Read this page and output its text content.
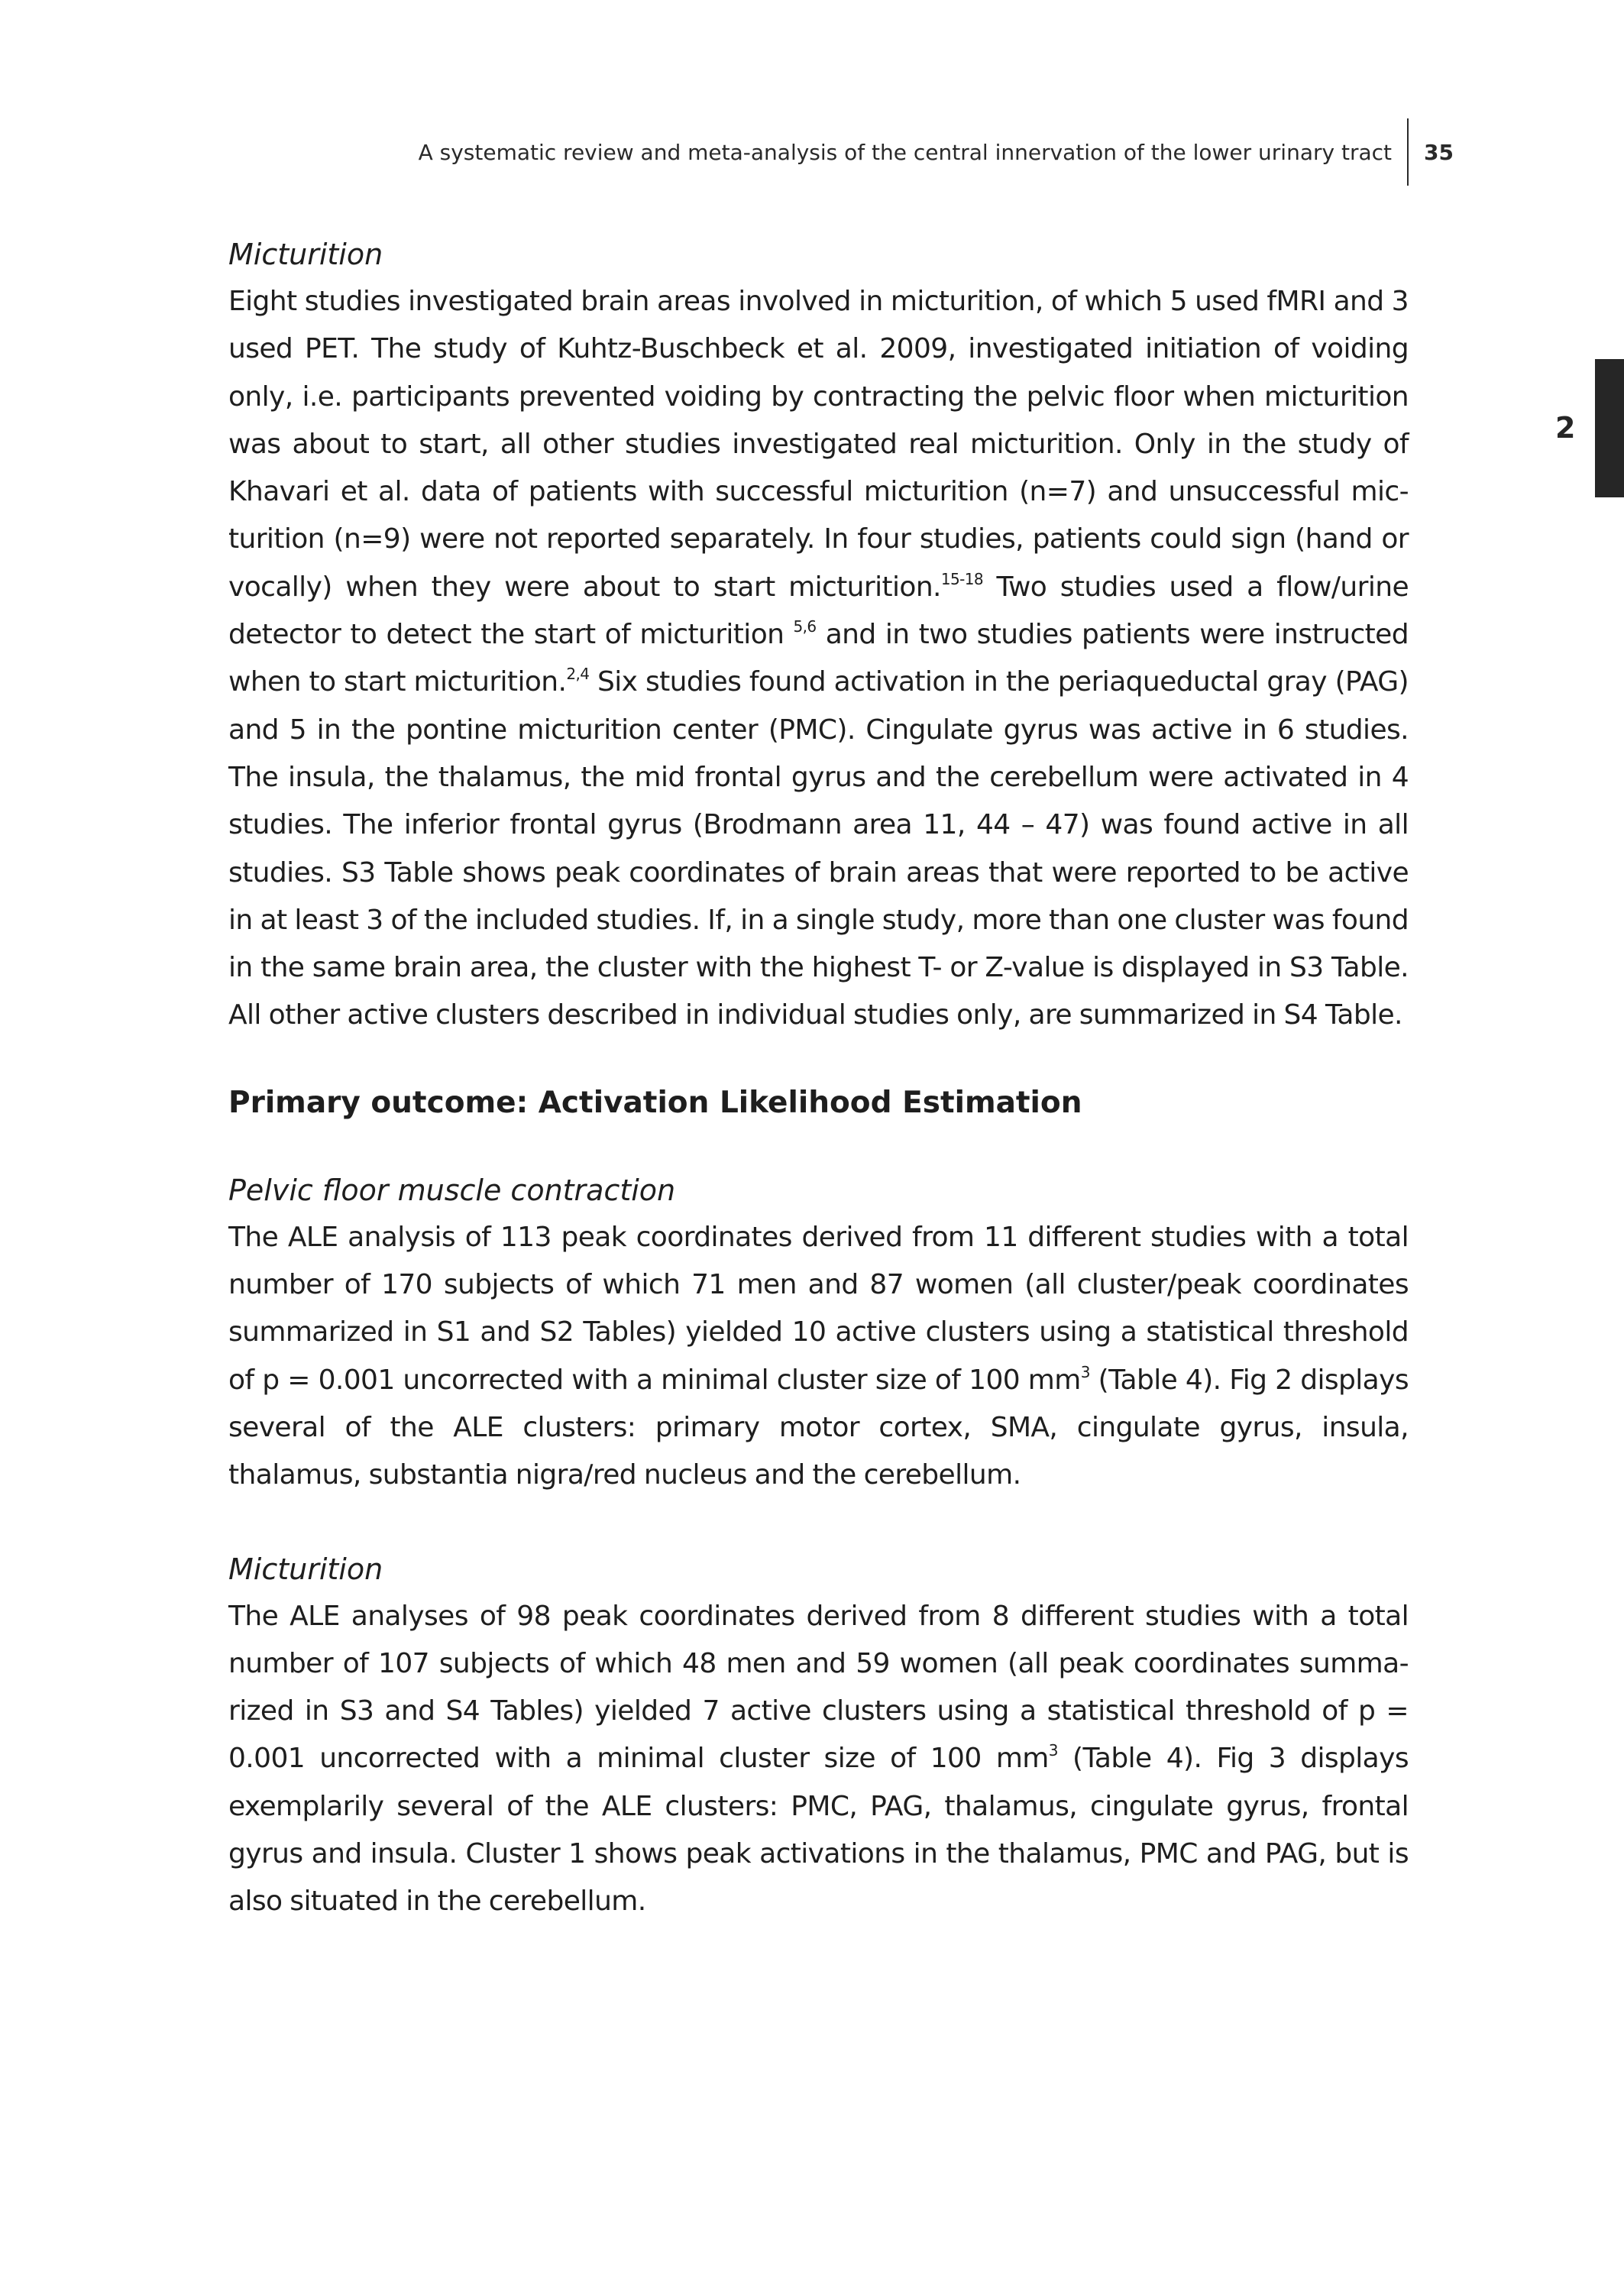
A systematic review and meta-analysis of the central innervation of the lower urinary tract 35
2
Micturition

Eight studies investigated brain areas involved in micturition, of which 5 used fMRI and 3 used PET. The study of Kuhtz-Buschbeck et al. 2009, investigated initiation of voiding only, i.e. participants prevented voiding by contracting the pelvic floor when micturition was about to start, all other studies investigated real micturition. Only in the study of Khavari et al. data of patients with successful micturition (n=7) and unsuccessful mic-turition (n=9) were not reported separately. In four studies, patients could sign (hand or vocally) when they were about to start micturition.$^{15-18}$ Two studies used a flow/urine detector to detect the start of micturition $^{5,6}$ and in two studies patients were instructed when to start micturition.$^{2,4}$ Six studies found activation in the periaqueductal gray (PAG) and 5 in the pontine micturition center (PMC). Cingulate gyrus was active in 6 studies. The insula, the thalamus, the mid frontal gyrus and the cerebellum were activated in 4 studies. The inferior frontal gyrus (Brodmann area 11, 44 – 47) was found active in all studies. S3 Table shows peak coordinates of brain areas that were reported to be active in at least 3 of the included studies. If, in a single study, more than one cluster was found in the same brain area, the cluster with the highest T- or Z-value is displayed in S3 Table. All other active clusters described in individual studies only, are summarized in S4 Table.

Primary outcome: Activation Likelihood Estimation
Pelvic floor muscle contraction

The ALE analysis of 113 peak coordinates derived from 11 different studies with a total number of 170 subjects of which 71 men and 87 women (all cluster/peak coordinates summarized in S1 and S2 Tables) yielded 10 active clusters using a statistical threshold of p = 0.001 uncorrected with a minimal cluster size of 100 $mm^3$ (Table 4). Fig 2 displays several of the ALE clusters: primary motor cortex, SMA, cingulate gyrus, insula, thalamus, substantia nigra/red nucleus and the cerebellum.

Micturition

The ALE analyses of 98 peak coordinates derived from 8 different studies with a total number of 107 subjects of which 48 men and 59 women (all peak coordinates summa-rized in S3 and S4 Tables) yielded 7 active clusters using a statistical threshold of p = 0.001 uncorrected with a minimal cluster size of 100 $mm^3$ (Table 4). Fig 3 displays exemplarily several of the ALE clusters: PMC, PAG, thalamus, cingulate gyrus, frontal gyrus and insula. Cluster 1 shows peak activations in the thalamus, PMC and PAG, but is also situated in the cerebellum.
